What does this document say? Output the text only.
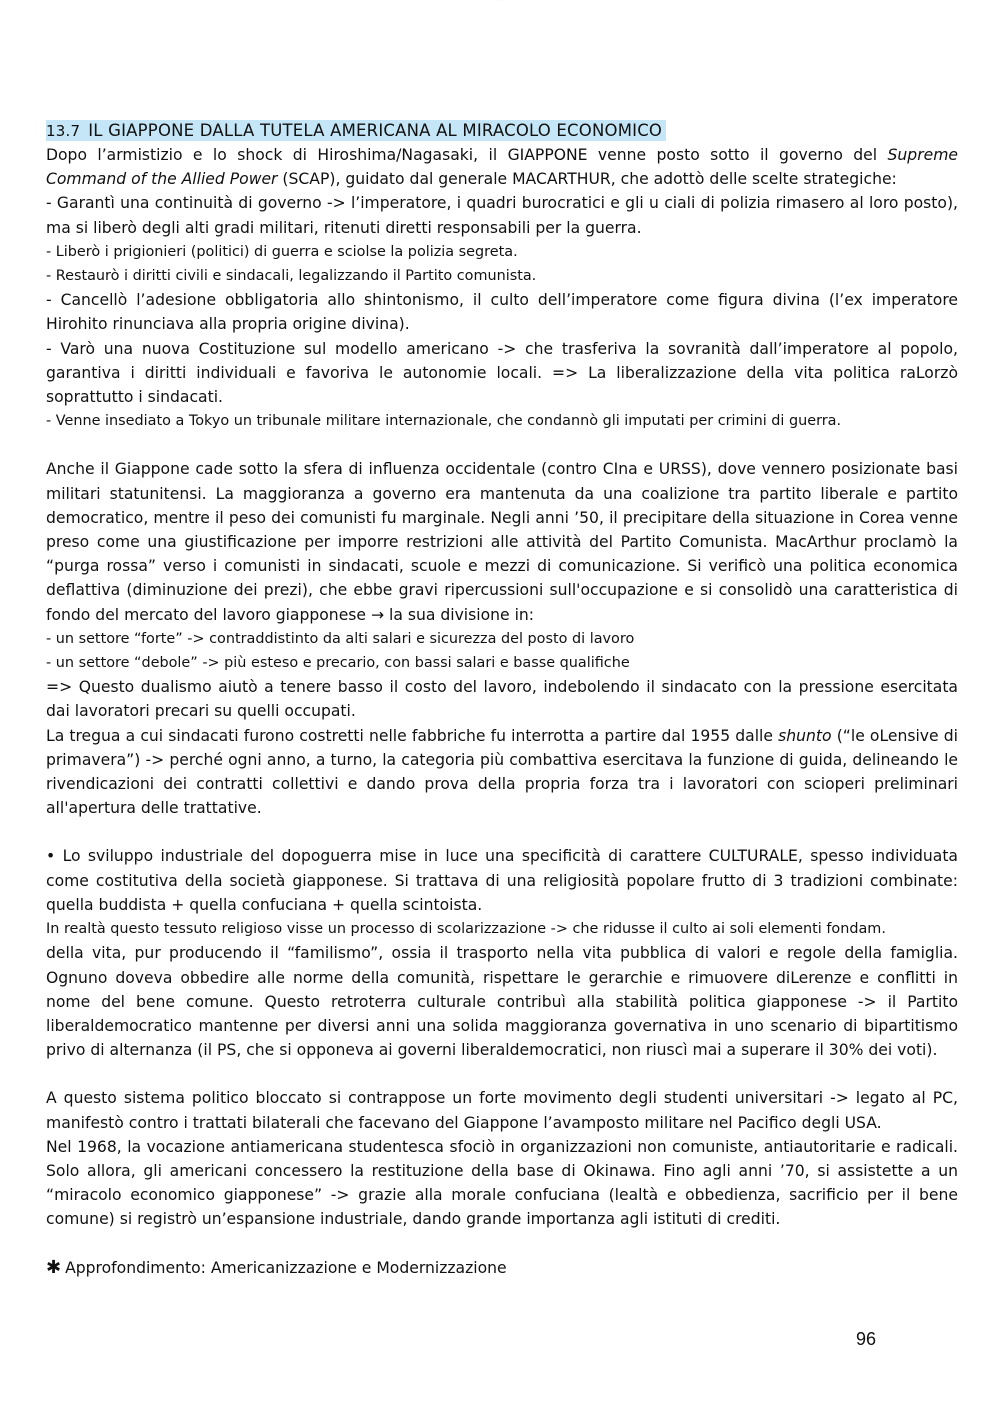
· · · ·
13.7 IL GIAPPONE DALLA TUTELA AMERICANA AL MIRACOLO ECONOMICO

Dopo l’armistizio e lo shock di Hiroshima/Nagasaki, il GIAPPONE venne posto sotto il governo del Supreme Command of the Allied Power (SCAP), guidato dal generale MACARTHUR, che adottò delle scelte strategiche:

- Garantì una continuità di governo -> l’imperatore, i quadri burocratici e gli u ciali di polizia rimasero al loro posto), ma si liberò degli alti gradi militari, ritenuti diretti responsabili per la guerra.

- Liberò i prigionieri (politici) di guerra e sciolse la polizia segreta.

- Restaurò i diritti civili e sindacali, legalizzando il Partito comunista.

- Cancellò l’adesione obbligatoria allo shintonismo, il culto dell’imperatore come figura divina (l’ex imperatore Hirohito rinunciava alla propria origine divina).

- Varò una nuova Costituzione sul modello americano -> che trasferiva la sovranità dall’imperatore al popolo, garantiva i diritti individuali e favoriva le autonomie locali. => La liberalizzazione della vita politica raLorzò soprattutto i sindacati.

- Venne insediato a Tokyo un tribunale militare internazionale, che condannò gli imputati per crimini di guerra.

Anche il Giappone cade sotto la sfera di influenza occidentale (contro CIna e URSS), dove vennero posizionate basi militari statunitensi. La maggioranza a governo era mantenuta da una coalizione tra partito liberale e partito democratico, mentre il peso dei comunisti fu marginale. Negli anni ’50, il precipitare della situazione in Corea venne preso come una giustificazione per imporre restrizioni alle attività del Partito Comunista. MacArthur proclamò la “purga rossa” verso i comunisti in sindacati, scuole e mezzi di comunicazione. Si verificò una politica economica deflattiva (diminuzione dei prezi), che ebbe gravi ripercussioni sull'occupazione e si consolidò una caratteristica di fondo del mercato del lavoro giapponese → la sua divisione in:

- un settore “forte” -> contraddistinto da alti salari e sicurezza del posto di lavoro

- un settore “debole” -> più esteso e precario, con bassi salari e basse qualifiche

=> Questo dualismo aiutò a tenere basso il costo del lavoro, indebolendo il sindacato con la pressione esercitata dai lavoratori precari su quelli occupati.

La tregua a cui sindacati furono costretti nelle fabbriche fu interrotta a partire dal 1955 dalle shunto (“le oLensive di primavera”) -> perché ogni anno, a turno, la categoria più combattiva esercitava la funzione di guida, delineando le rivendicazioni dei contratti collettivi e dando prova della propria forza tra i lavoratori con scioperi preliminari all'apertura delle trattative.

• Lo sviluppo industriale del dopoguerra mise in luce una specificità di carattere CULTURALE, spesso individuata come costitutiva della società giapponese. Si trattava di una religiosità popolare frutto di 3 tradizioni combinate: quella buddista + quella confuciana + quella scintoista.

In realtà questo tessuto religioso visse un processo di scolarizzazione -> che ridusse il culto ai soli elementi fondam.

della vita, pur producendo il “familismo”, ossia il trasporto nella vita pubblica di valori e regole della famiglia. Ognuno doveva obbedire alle norme della comunità, rispettare le gerarchie e rimuovere diLerenze e conflitti in nome del bene comune. Questo retroterra culturale contribuì alla stabilità politica giapponese -> il Partito liberaldemocratico mantenne per diversi anni una solida maggioranza governativa in uno scenario di bipartitismo privo di alternanza (il PS, che si opponeva ai governi liberaldemocratici, non riuscì mai a superare il 30% dei voti).

A questo sistema politico bloccato si contrappose un forte movimento degli studenti universitari -> legato al PC, manifestò contro i trattati bilaterali che facevano del Giappone l’avamposto militare nel Pacifico degli USA.

Nel 1968, la vocazione antiamericana studentesca sfociò in organizzazioni non comuniste, antiautoritarie e radicali. Solo allora, gli americani concessero la restituzione della base di Okinawa. Fino agli anni ’70, si assistette a un “miracolo economico giapponese” -> grazie alla morale confuciana (lealtà e obbedienza, sacrificio per il bene comune) si registrò un’espansione industriale, dando grande importanza agli istituti di crediti.

✱ Approfondimento: Americanizzazione e Modernizzazione
96
